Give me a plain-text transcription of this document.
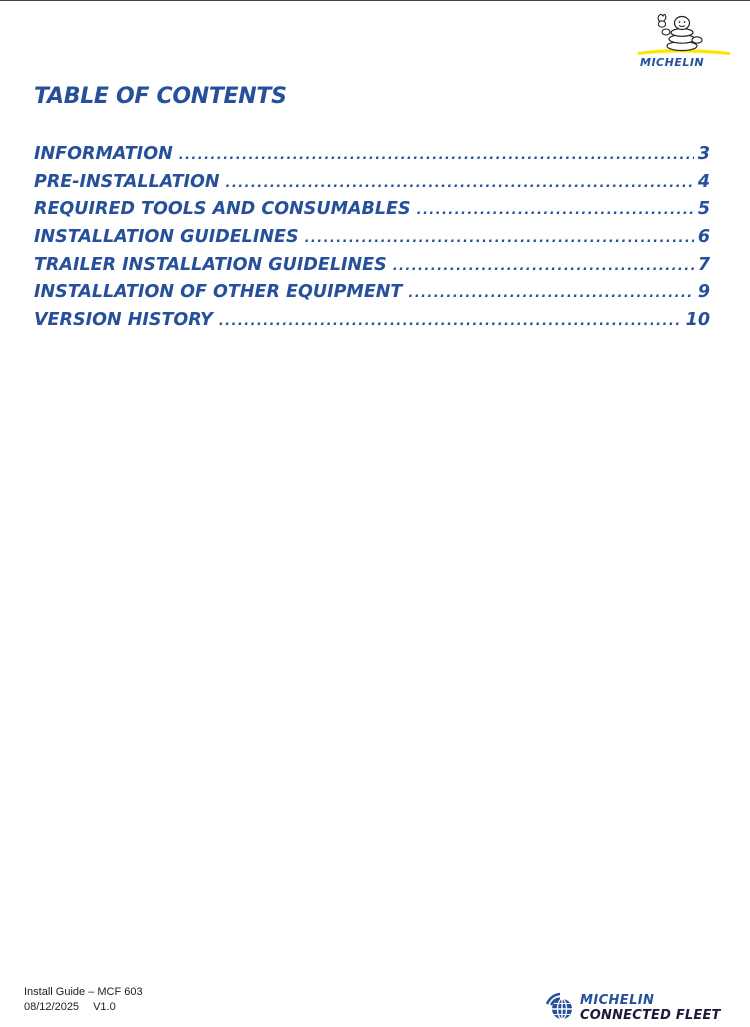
MICHELIN
TABLE OF CONTENTS
INFORMATION .....	3
PRE-INSTALLATION .....	4
REQUIRED TOOLS AND CONSUMABLES .....	5
INSTALLATION GUIDELINES .....	6
TRAILER INSTALLATION GUIDELINES .....	7
INSTALLATION OF OTHER EQUIPMENT .....	9
VERSION HISTORY .....	10
Install Guide – MCF 603
08/12/2025 V1.0	MICHELIN
CONNECTED FLEET
